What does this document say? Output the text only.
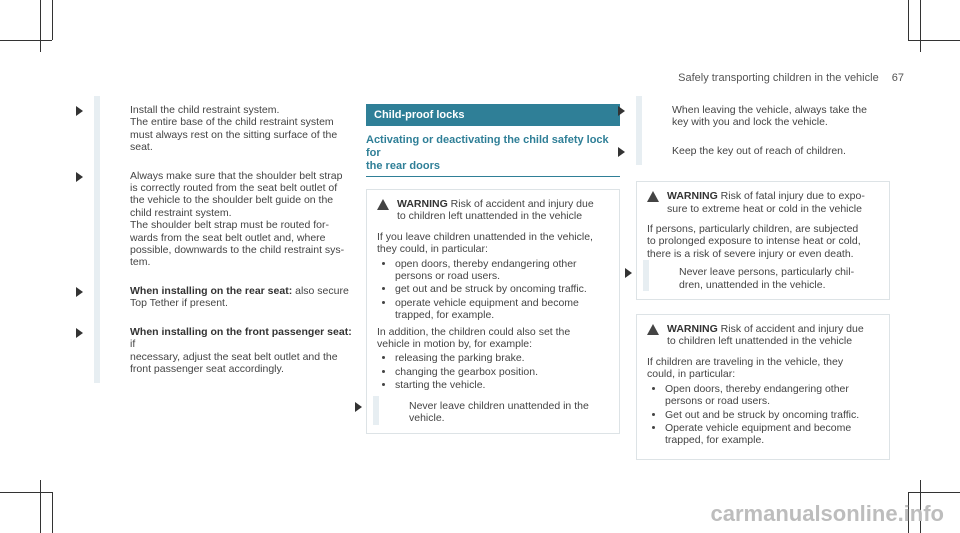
Safely transporting children in the vehicle 67
Install the child restraint system.
The entire base of the child restraint system
must always rest on the sitting surface of the
seat.
Always make sure that the shoulder belt strap
is correctly routed from the seat belt outlet of
the vehicle to the shoulder belt guide on the
child restraint system.
The shoulder belt strap must be routed for-
wards from the seat belt outlet and, where
possible, downwards to the child restraint sys-
tem.
When installing on the rear seat: also secure
Top Tether if present.
When installing on the front passenger seat: if
necessary, adjust the seat belt outlet and the
front passenger seat accordingly.
Child-proof locks
Activating or deactivating the child safety lock for
the rear doors
WARNING Risk of accident and injury due
to children left unattended in the vehicle
If you leave children unattended in the vehicle,
they could, in particular:
• open doors, thereby endangering other persons or road users.
• get out and be struck by oncoming traffic.
• operate vehicle equipment and become trapped, for example.
In addition, the children could also set the
vehicle in motion by, for example:
• releasing the parking brake.
• changing the gearbox position.
• starting the vehicle.
Never leave children unattended in the
vehicle.
When leaving the vehicle, always take the
key with you and lock the vehicle.
Keep the key out of reach of children.
WARNING Risk of fatal injury due to expo-
sure to extreme heat or cold in the vehicle
If persons, particularly children, are subjected
to prolonged exposure to intense heat or cold,
there is a risk of severe injury or even death.
Never leave persons, particularly chil-
dren, unattended in the vehicle.
WARNING Risk of accident and injury due
to children left unattended in the vehicle
If children are traveling in the vehicle, they
could, in particular:
• Open doors, thereby endangering other persons or road users.
• Get out and be struck by oncoming traffic.
• Operate vehicle equipment and become trapped, for example.
carmanualsonline.info
